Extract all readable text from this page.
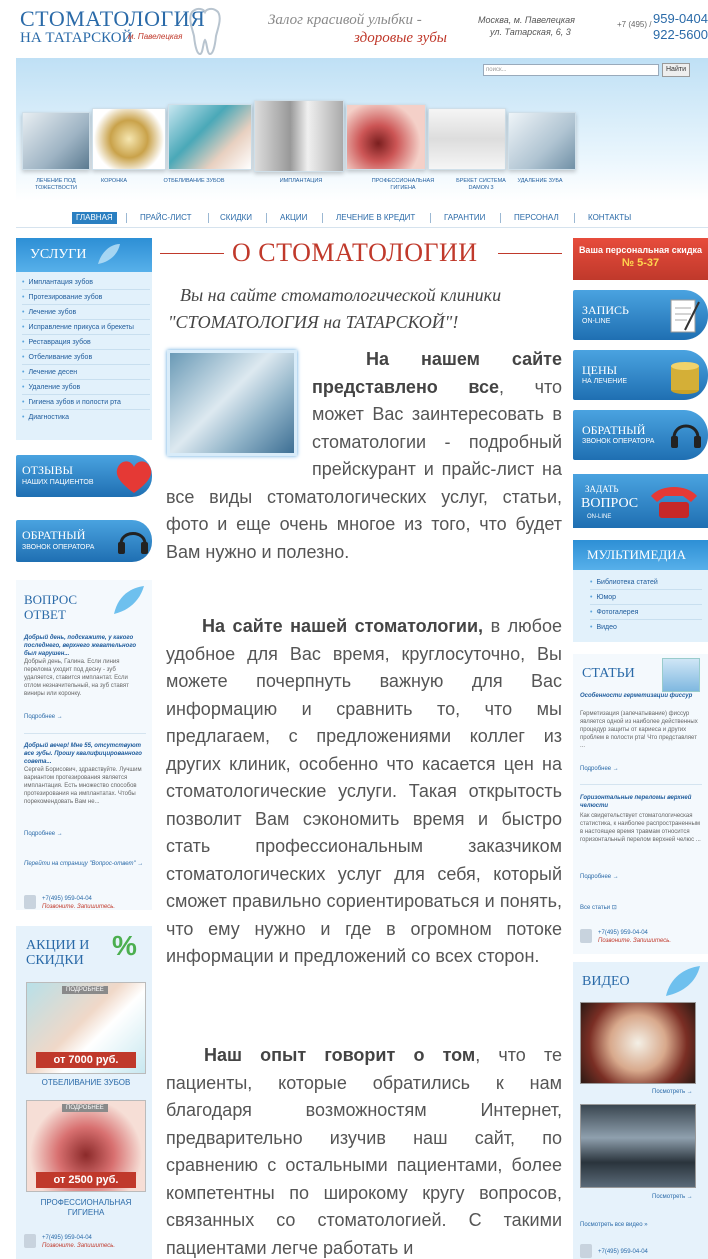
СТОМАТОЛОГИЯ
НА ТАТАРСКОЙ
м. Павелецкая
Залог красивой улыбки -
здоровые зубы
Москва, м. Павелецкая
ул. Татарская, 6, 3
+7 (495) / 959-0404
922-5600
поиск...	Найти
ЛЕЧЕНИЕ ПОД ТОЖЕСТВОСТИ
КОРОНКА	ОТБЕЛИВАНИЕ ЗУБОВ	ИМПЛАНТАЦИЯ	ПРОФЕССИОНАЛЬНАЯ ГИГИЕНА
БРЕКЕТ СИСТЕМА DAMON 3
УДАЛЕНИЕ ЗУБА
ГЛАВНАЯ	ПРАЙС-ЛИСТ	СКИДКИ	АКЦИИ	ЛЕЧЕНИЕ В КРЕДИТ	ГАРАНТИИ	ПЕРСОНАЛ	КОНТАКТЫ
УСЛУГИ
• Имплантация зубов
• Протезирование зубов
• Лечение зубов
• Исправление прикуса и брекеты
• Реставрация зубов
• Отбеливание зубов
• Лечение десен
• Удаление зубов
• Гигиена зубов и полости рта
• Диагностика
ОТЗЫВЫ
НАШИХ ПАЦИЕНТОВ
ОБРАТНЫЙ
ЗВОНОК ОПЕРАТОРА
ВОПРОС
ОТВЕТ
Добрый день, подскажите, у какого последнего, верхнего жевательного был нарушен...
Добрый день, Галина. Если линия перелома уходит под десну - зуб удаляется, ставится имплантат. Если отлом незначительный, на зуб ставят виниры или коронку.
Подробнее →
Добрый вечер! Мне 55, отсутствуют все зубы. Прошу квалифицированного совета...
Сергей Борисович, здравствуйте. Лучшим вариантом протезирования является имплантация. Есть множество способов протезирования на имплантатах. Чтобы порекомендовать Вам не...
Подробнее →
Перейти на страницу "Вопрос-ответ" →
+7(495) 959-04-04
Позвоните. Запишитесь.
АКЦИИ И
СКИДКИ %
ПОДРОБНЕЕ
от 7000 руб.
ОТБЕЛИВАНИЕ ЗУБОВ
ПОДРОБНЕЕ
от 2500 руб.
ПРОФЕССИОНАЛЬНАЯ
ГИГИЕНА
+7(495) 959-04-04
Позвоните. Запишитесь.
О СТОМАТОЛОГИИ
Вы на сайте стоматологической клиники "СТОМАТОЛОГИЯ на ТАТАРСКОЙ"!
На нашем сайте представлено все, что может Вас заинтересовать в стоматологии - подробный прейскурант и прайс-лист на все виды стоматологических услуг, статьи, фото и еще очень многое из того, что будет Вам нужно и полезно.
На сайте нашей стоматологии, в любое удобное для Вас время, круглосуточно, Вы можете почерпнуть важную для Вас информацию и сравнить то, что мы предлагаем, с предложениями коллег из других клиник, особенно что касается цен на стоматологические услуги. Такая открытость позволит Вам сэкономить время и быстро стать профессиональным заказчиком стоматологических услуг для себя, который сможет правильно сориентироваться и понять, что ему нужно и где в огромном потоке информации и предложений со всех сторон.
Наш опыт говорит о том, что те пациенты, которые обратились к нам благодаря возможностям Интернет, предварительно изучив наш сайт, по сравнению с остальными пациентами, более компетентны по широкому кругу вопросов, связанных со стоматологией. С такими пациентами легче работать и
Ваша персональная скидка
№ 5-37
ЗАПИСЬ
ON-LINE
ЦЕНЫ
НА ЛЕЧЕНИЕ
ОБРАТНЫЙ
ЗВОНОК ОПЕРАТОРА
ЗАДАТЬ
ВОПРОС
ON-LINE
МУЛЬТИМЕДИА
• Библиотека статей
• Юмор
• Фотогалерея
• Видео
СТАТЬИ
Особенности герметизации фиссур
Герметизация (запечатывание) фиссур является одной из наиболее действенных процедур защиты от кариеса и других проблем в полости рта! Что представляет ...
Подробнее →
Горизонтальные переломы верхней челюсти
Как свидетельствует стоматологическая статистика, к наиболее распространенным в настоящее время травмам относится горизонтальный перелом верхней челюс ...
Подробнее →
Все статьи ⊡
+7(495) 959-04-04
Позвоните. Запишитесь.
ВИДЕО
Посмотреть →
Посмотреть →
Посмотреть все видео »
+7(495) 959-04-04
